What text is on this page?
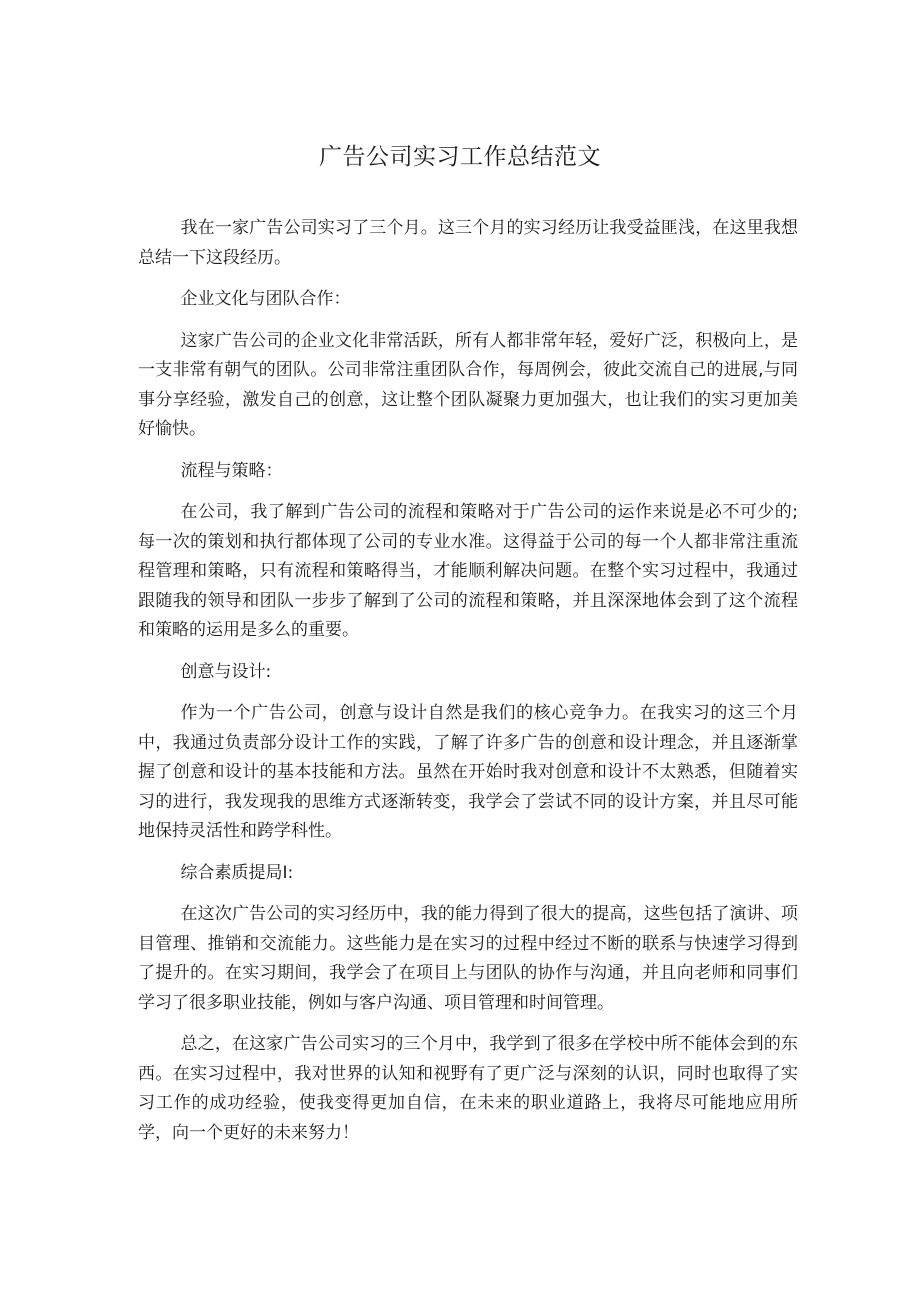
广告公司实习工作总结范文

我在一家广告公司实习了三个月。这三个月的实习经历让我受益匪浅，在这里我想总结一下这段经历。

企业文化与团队合作：

这家广告公司的企业文化非常活跃，所有人都非常年轻，爱好广泛，积极向上，是一支非常有朝气的团队。公司非常注重团队合作，每周例会，彼此交流自己的进展,与同事分享经验，激发自己的创意，这让整个团队凝聚力更加强大，也让我们的实习更加美好愉快。

流程与策略：

在公司，我了解到广告公司的流程和策略对于广告公司的运作来说是必不可少的;每一次的策划和执行都体现了公司的专业水准。这得益于公司的每一个人都非常注重流程管理和策略，只有流程和策略得当，才能顺利解决问题。在整个实习过程中，我通过跟随我的领导和团队一步步了解到了公司的流程和策略，并且深深地体会到了这个流程和策略的运用是多么的重要。

创意与设计:

作为一个广告公司，创意与设计自然是我们的核心竞争力。在我实习的这三个月中，我通过负责部分设计工作的实践，了解了许多广告的创意和设计理念，并且逐渐掌握了创意和设计的基本技能和方法。虽然在开始时我对创意和设计不太熟悉，但随着实习的进行，我发现我的思维方式逐渐转变，我学会了尝试不同的设计方案，并且尽可能地保持灵活性和跨学科性。

综合素质提局I:

在这次广告公司的实习经历中，我的能力得到了很大的提高，这些包括了演讲、项目管理、推销和交流能力。这些能力是在实习的过程中经过不断的联系与快速学习得到了提升的。在实习期间，我学会了在项目上与团队的协作与沟通，并且向老师和同事们学习了很多职业技能，例如与客户沟通、项目管理和时间管理。

总之，在这家广告公司实习的三个月中，我学到了很多在学校中所不能体会到的东西。在实习过程中，我对世界的认知和视野有了更广泛与深刻的认识，同时也取得了实习工作的成功经验，使我变得更加自信，在未来的职业道路上，我将尽可能地应用所学，向一个更好的未来努力！
